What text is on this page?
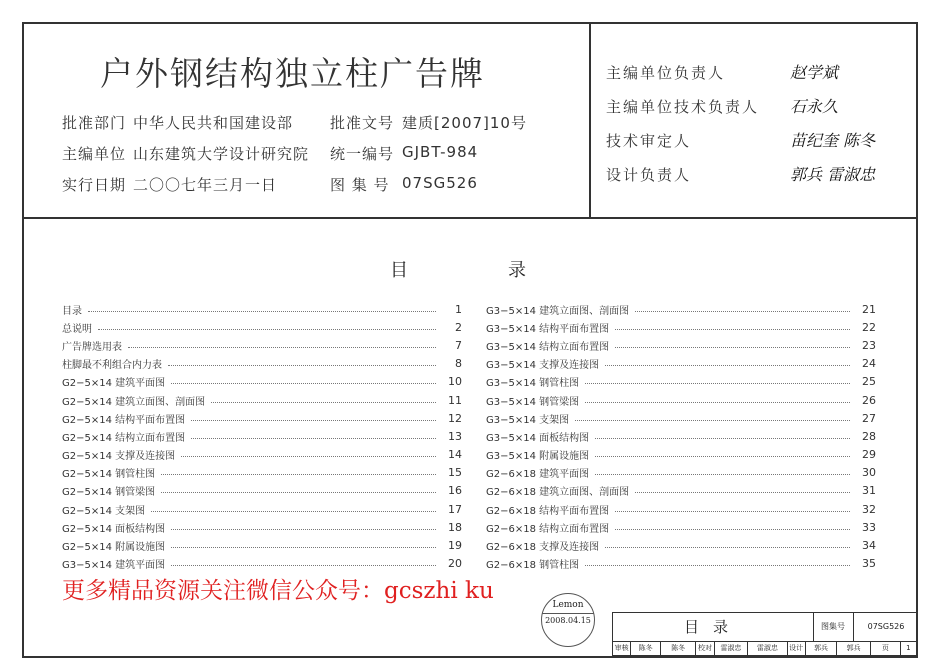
户外钢结构独立柱广告牌
目录
目录	1
总说明	2
广告牌选用表	7
柱脚最不利组合内力表	8
G2−5×14 建筑平面图	10
G2−5×14 建筑立面图、剖面图	11
G2−5×14 结构平面布置图	12
G2−5×14 结构立面布置图	13
G2−5×14 支撑及连接图	14
G2−5×14 钢管柱图	15
G2−5×14 钢管梁图	16
G2−5×14 支架图	17
G2−5×14 面板结构图	18
G2−5×14 附属设施图	19
G3−5×14 建筑平面图	20
G3−5×14 建筑立面图、剖面图	21
G3−5×14 结构平面布置图	22
G3−5×14 结构立面布置图	23
G3−5×14 支撑及连接图	24
G3−5×14 钢管柱图	25
G3−5×14 钢管梁图	26
G3−5×14 支架图	27
G3−5×14 面板结构图	28
G3−5×14 附属设施图	29
G2−6×18 建筑平面图	30
G2−6×18 建筑立面图、剖面图	31
G2−6×18 结构平面布置图	32
G2−6×18 结构立面布置图	33
G2−6×18 支撑及连接图	34
G2−6×18 钢管柱图	35
更多精品资源关注微信公众号：gcszhi ku
Lemon
2008.04.15	目录	图集号	07SG526
审核	陈冬	陈冬	校对	雷淑忠	雷淑忠	设计	郭兵	郭兵	页	1
批准部门 中华人民共和国建设部 批准文号 建质[2007]10号
主编单位 山东建筑大学设计研究院 统一编号 GJBT-984
实行日期 二〇〇七年三月一日	图 集 号 07SG526
主编单位负责人	赵学斌
主编单位技术负责人 石永久
技术审定人	苗纪奎 陈冬
设计负责人	郭兵 雷淑忠
